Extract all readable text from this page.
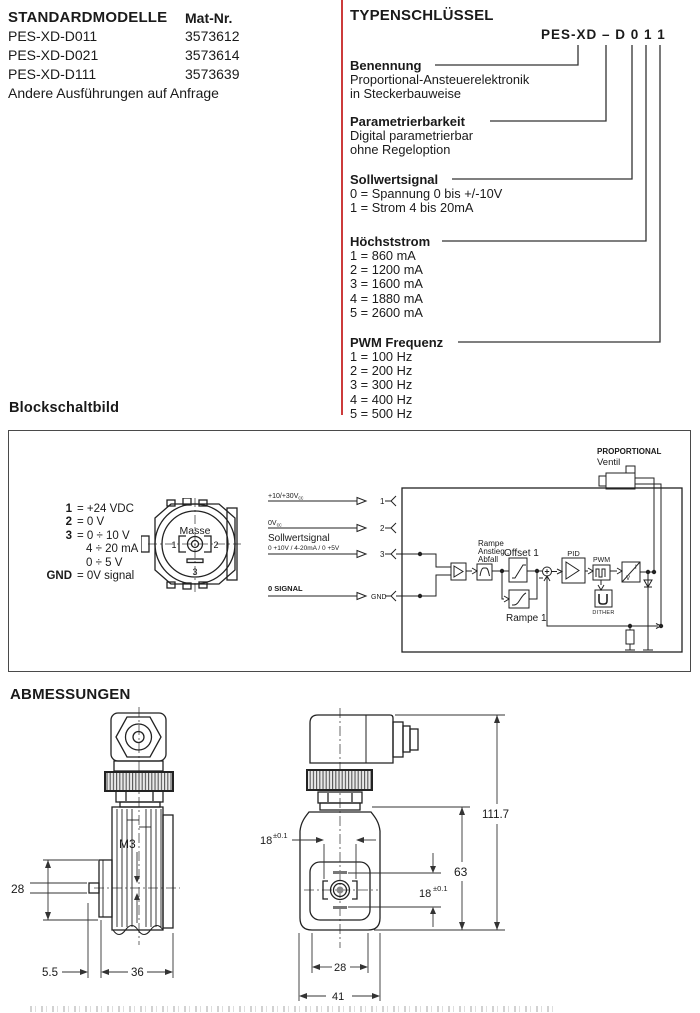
STANDARDMODELLE Mat-Nr.
PES-XD-D011	3573612
PES-XD-D021	3573614
PES-XD-D111	3573639
Andere Ausführungen auf Anfrage
TYPENSCHLÜSSEL
PES-XD – D 0 1 1
Benennung
Proportional-Ansteuerelektronik
in Steckerbauweise
Parametrierbarkeit
Digital parametrierbar
ohne Regeloption
Sollwertsignal
0 = Spannung 0 bis +/-10V
1 = Strom 4 bis 20mA
Höchststrom
1 = 860 mA
2 = 1200 mA
3 = 1600 mA
4 = 1880 mA
5 = 2600 mA
PWM Frequenz
1 = 100 Hz
2 = 200 Hz
3 = 300 Hz
4 = 400 Hz
5 = 500 Hz
Blockschaltbild
1 = +24 VDC
2 = 0 V
3 = 0 ÷ 10 V
4 ÷ 20 mA
0 ÷ 5 V
GND = 0V signal
Masse
1	2
3
$+10/+30V_{cc}$	1
$0V_{cc}$	2
Sollwertsignal
0 +10V / 4-20mA / 0 +5V
3
0 SIGNAL
GND
Rampe
Anstieg ,
Abfall
Offset 1
Rampe 1
PID
PWM
DITHER
V
I
PROPORTIONAL
Ventil
ABMESSUNGEN
M3
28
5.5	36
18 ±0.1
63
111.7
18 ±0.1
28
41
